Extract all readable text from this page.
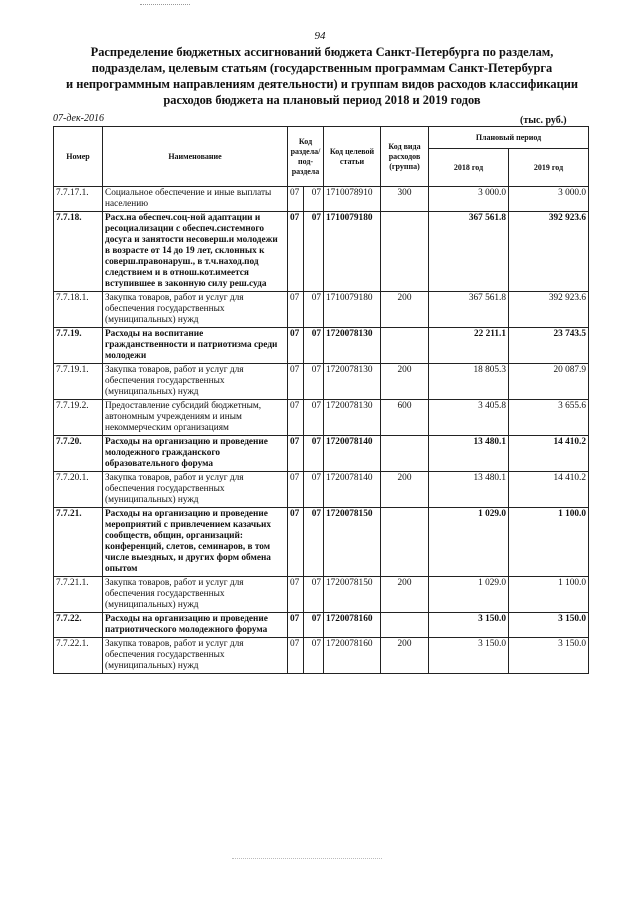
94
Распределение бюджетных ассигнований бюджета Санкт-Петербурга по разделам,
подразделам, целевым статьям (государственным программам Санкт-Петербурга
и непрограммным направлениям деятельности) и группам видов расходов классификации
расходов бюджета на плановый период 2018 и 2019 годов
07-дек-2016	(тыс. руб.)
Номер	Наименование	Код раздела/ под-раздела		Код целевой статьи	Код вида расходов (группа)	Плановый период	
						2018 год	2019 год
7.7.17.1.	Социальное обеспечение и иные выплаты населению	07	07	1710078910	300	3 000.0	3 000.0
7.7.18.	Расх.на обеспеч.соц-ной адаптации и ресоциализации с обеспеч.системного досуга и занятости несоверш.и молодежи в возрасте от 14 до 19 лет, склонных к соверш.правонаруш., в т.ч.наход.под следствием и в отнош.кот.имеется вступившее в законную силу реш.суда	07	07	1710079180		367 561.8	392 923.6
7.7.18.1.	Закупка товаров, работ и услуг для обеспечения государственных (муниципальных) нужд	07	07	1710079180	200	367 561.8	392 923.6
7.7.19.	Расходы на воспитание гражданственности и патриотизма среди молодежи	07	07	1720078130		22 211.1	23 743.5
7.7.19.1.	Закупка товаров, работ и услуг для обеспечения государственных (муниципальных) нужд	07	07	1720078130	200	18 805.3	20 087.9
7.7.19.2.	Предоставление субсидий бюджетным, автономным учреждениям и иным некоммерческим организациям	07	07	1720078130	600	3 405.8	3 655.6
7.7.20.	Расходы на организацию и проведение молодежного гражданского образовательного форума	07	07	1720078140		13 480.1	14 410.2
7.7.20.1.	Закупка товаров, работ и услуг для обеспечения государственных (муниципальных) нужд	07	07	1720078140	200	13 480.1	14 410.2
7.7.21.	Расходы на организацию и проведение мероприятий с привлечением казачьих сообществ, общин, организаций: конференций, слетов, семинаров, в том числе выездных, и других форм обмена опытом	07	07	1720078150		1 029.0	1 100.0
7.7.21.1.	Закупка товаров, работ и услуг для обеспечения государственных (муниципальных) нужд	07	07	1720078150	200	1 029.0	1 100.0
7.7.22.	Расходы на организацию и проведение патриотического молодежного форума	07	07	1720078160		3 150.0	3 150.0
7.7.22.1.	Закупка товаров, работ и услуг для обеспечения государственных (муниципальных) нужд	07	07	1720078160	200	3 150.0	3 150.0
